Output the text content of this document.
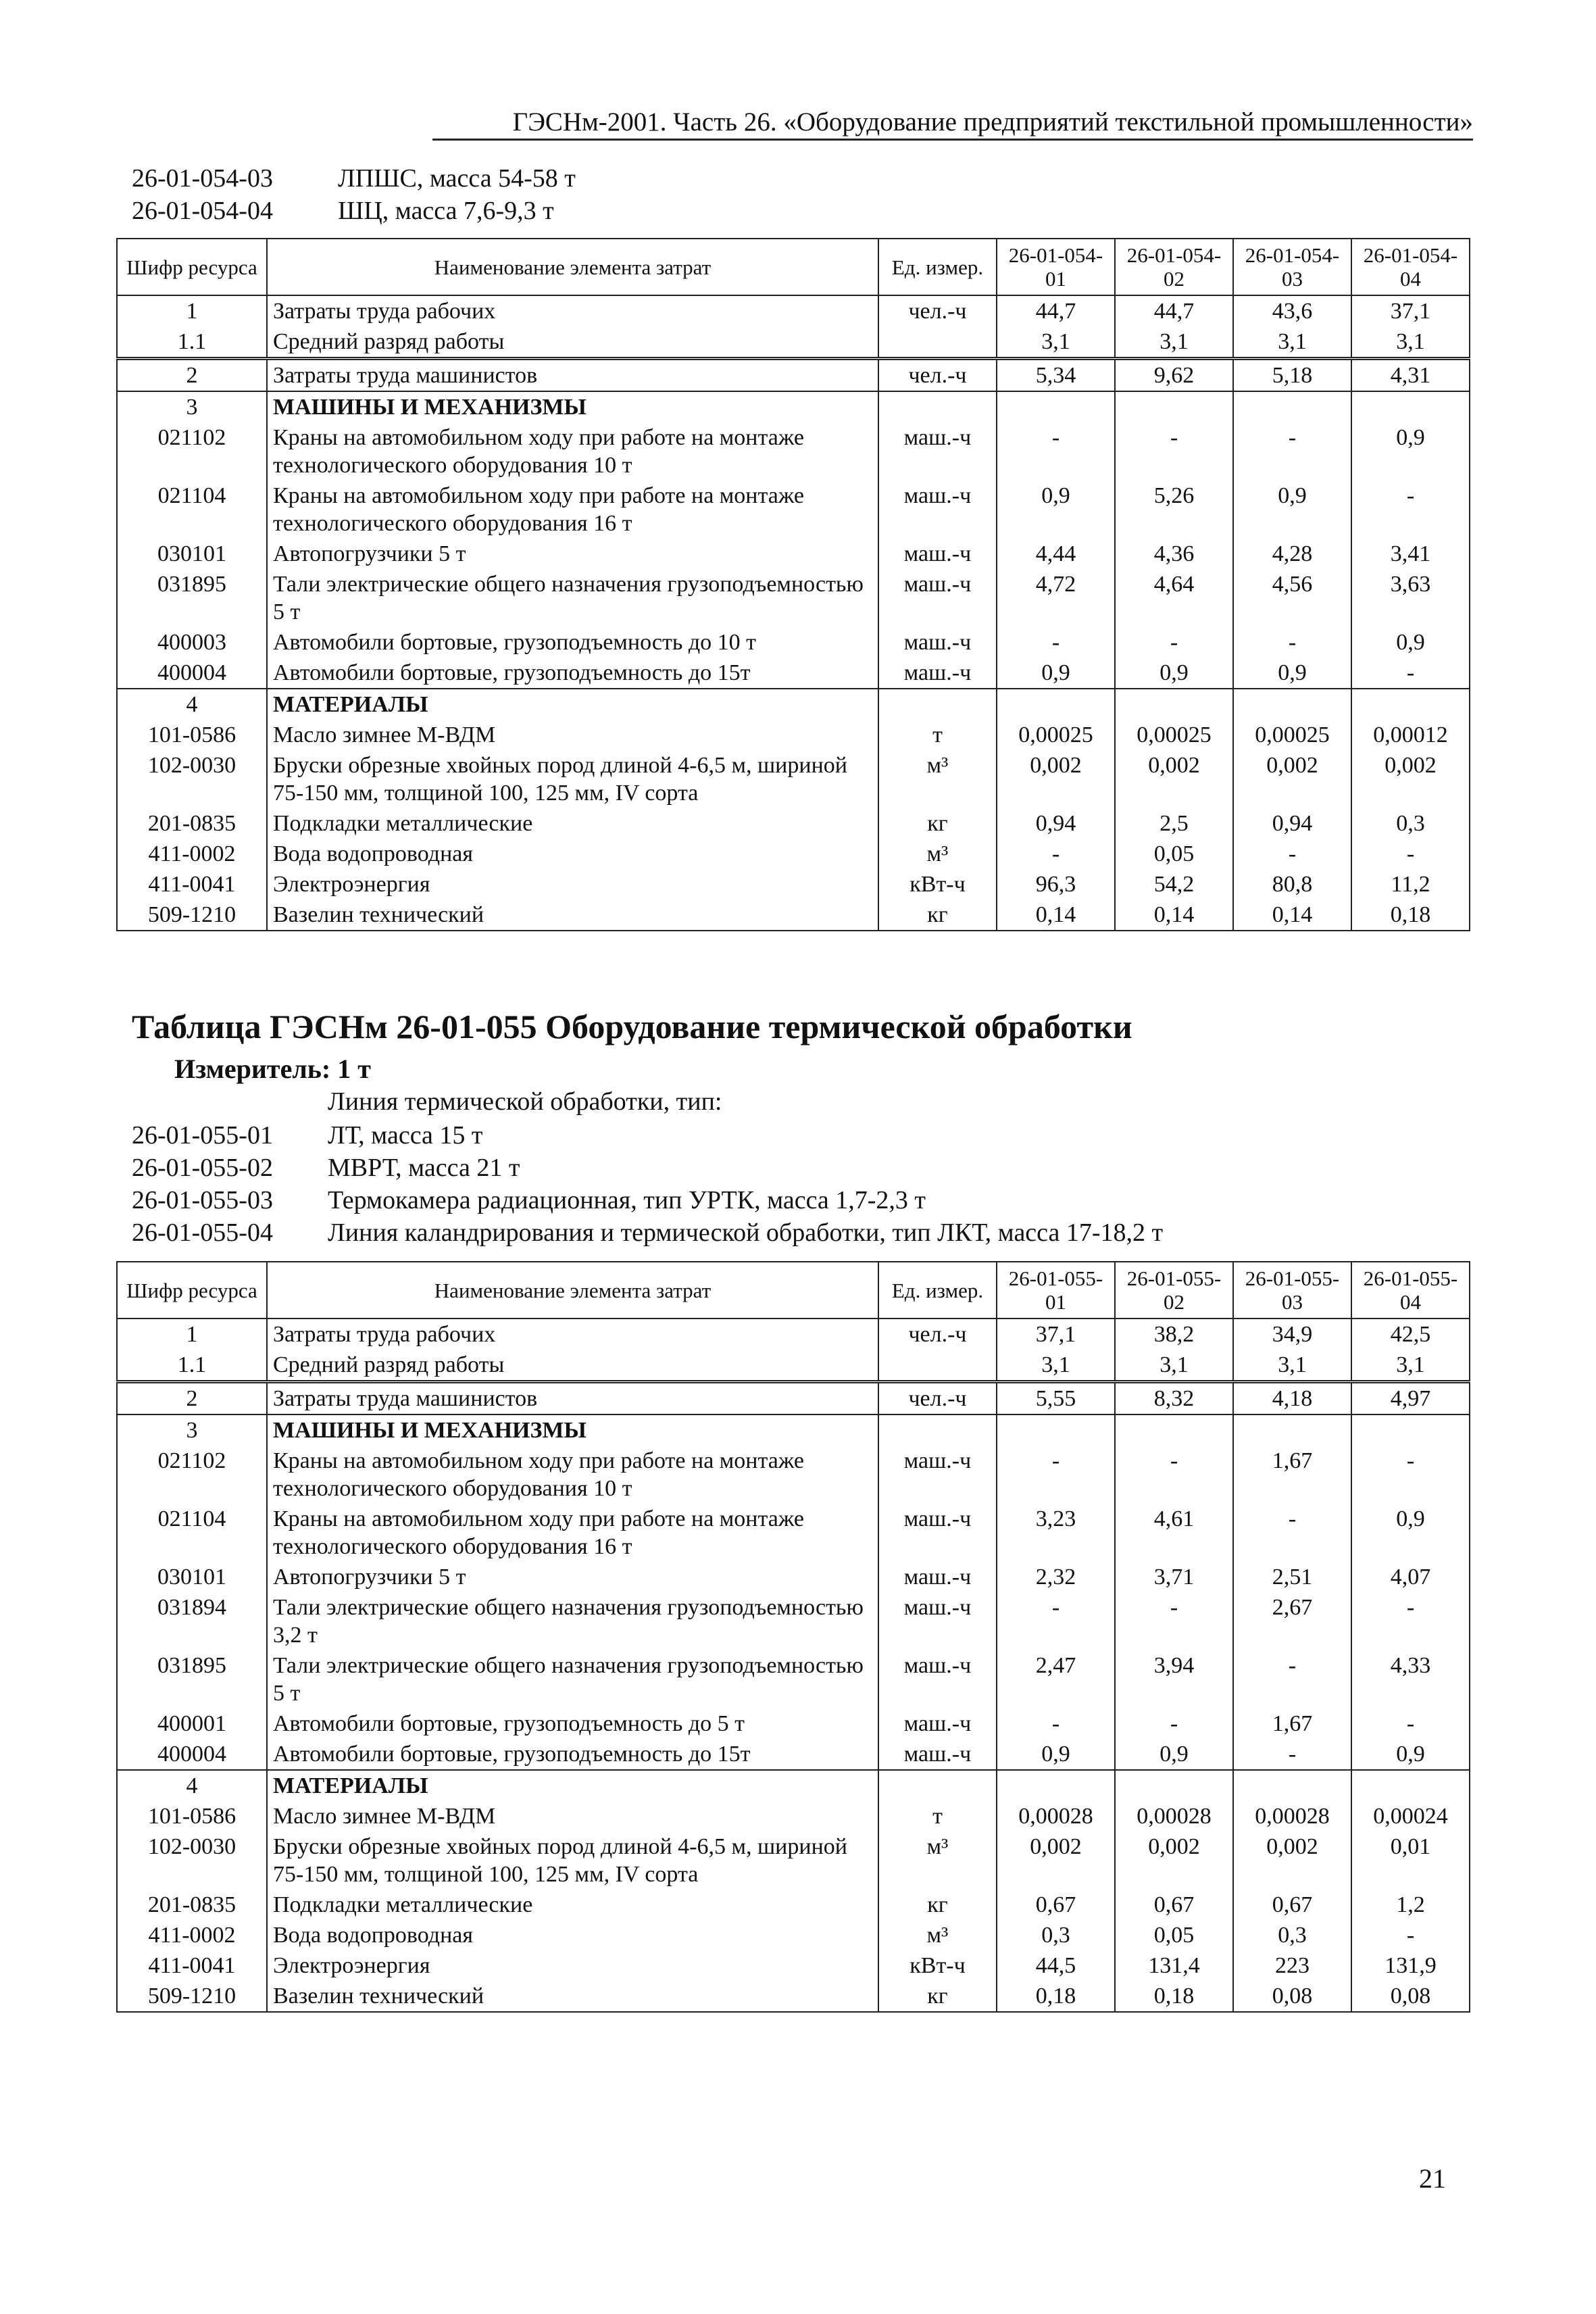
ГЭСНм-2001. Часть 26. «Оборудование предприятий текстильной промышленности»
26-01-054-03	ЛПШС, масса 54-58 т
26-01-054-04	ШЦ, масса 7,6-9,3 т
Шифр ресурса	Наименование элемента затрат	Ед. измер.	26-01-054-01	26-01-054-02	26-01-054-03	26-01-054-04
1	Затраты труда рабочих	чел.-ч	44,7	44,7	43,6	37,1
1.1	Средний разряд работы		3,1	3,1	3,1	3,1
2	Затраты труда машинистов	чел.-ч	5,34	9,62	5,18	4,31
3	МАШИНЫ И МЕХАНИЗМЫ					
021102	Краны на автомобильном ходу при работе на монтаже технологического оборудования 10 т	маш.-ч	-	-	-	0,9
021104	Краны на автомобильном ходу при работе на монтаже технологического оборудования 16 т	маш.-ч	0,9	5,26	0,9	-
030101	Автопогрузчики 5 т	маш.-ч	4,44	4,36	4,28	3,41
031895	Тали электрические общего назначения грузоподъемностью 5 т	маш.-ч	4,72	4,64	4,56	3,63
400003	Автомобили бортовые, грузоподъемность до 10 т	маш.-ч	-	-	-	0,9
400004	Автомобили бортовые, грузоподъемность до 15т	маш.-ч	0,9	0,9	0,9	-
4	МАТЕРИАЛЫ					
101-0586	Масло зимнее М-ВДМ	т	0,00025	0,00025	0,00025	0,00012
102-0030	Бруски обрезные хвойных пород длиной 4-6,5 м, шириной 75-150 мм, толщиной 100, 125 мм, IV сорта	м³	0,002	0,002	0,002	0,002
201-0835	Подкладки металлические	кг	0,94	2,5	0,94	0,3
411-0002	Вода водопроводная	м³	-	0,05	-	-
411-0041	Электроэнергия	кВт-ч	96,3	54,2	80,8	11,2
509-1210	Вазелин технический	кг	0,14	0,14	0,14	0,18
Таблица ГЭСНм 26-01-055 Оборудование термической обработки
Измеритель: 1 т
Линия термической обработки, тип:
26-01-055-01	ЛТ, масса 15 т
26-01-055-02	МВРТ, масса 21 т
26-01-055-03	Термокамера радиационная, тип УРТК, масса 1,7-2,3 т
26-01-055-04	Линия каландрирования и термической обработки, тип ЛКТ, масса 17-18,2 т
Шифр ресурса	Наименование элемента затрат	Ед. измер.	26-01-055-01	26-01-055-02	26-01-055-03	26-01-055-04
1	Затраты труда рабочих	чел.-ч	37,1	38,2	34,9	42,5
1.1	Средний разряд работы		3,1	3,1	3,1	3,1
2	Затраты труда машинистов	чел.-ч	5,55	8,32	4,18	4,97
3	МАШИНЫ И МЕХАНИЗМЫ					
021102	Краны на автомобильном ходу при работе на монтаже технологического оборудования 10 т	маш.-ч	-	-	1,67	-
021104	Краны на автомобильном ходу при работе на монтаже технологического оборудования 16 т	маш.-ч	3,23	4,61	-	0,9
030101	Автопогрузчики 5 т	маш.-ч	2,32	3,71	2,51	4,07
031894	Тали электрические общего назначения грузоподъемностью 3,2 т	маш.-ч	-	-	2,67	-
031895	Тали электрические общего назначения грузоподъемностью 5 т	маш.-ч	2,47	3,94	-	4,33
400001	Автомобили бортовые, грузоподъемность до 5 т	маш.-ч	-	-	1,67	-
400004	Автомобили бортовые, грузоподъемность до 15т	маш.-ч	0,9	0,9	-	0,9
4	МАТЕРИАЛЫ					
101-0586	Масло зимнее М-ВДМ	т	0,00028	0,00028	0,00028	0,00024
102-0030	Бруски обрезные хвойных пород длиной 4-6,5 м, шириной 75-150 мм, толщиной 100, 125 мм, IV сорта	м³	0,002	0,002	0,002	0,01
201-0835	Подкладки металлические	кг	0,67	0,67	0,67	1,2
411-0002	Вода водопроводная	м³	0,3	0,05	0,3	-
411-0041	Электроэнергия	кВт-ч	44,5	131,4	223	131,9
509-1210	Вазелин технический	кг	0,18	0,18	0,08	0,08
21
